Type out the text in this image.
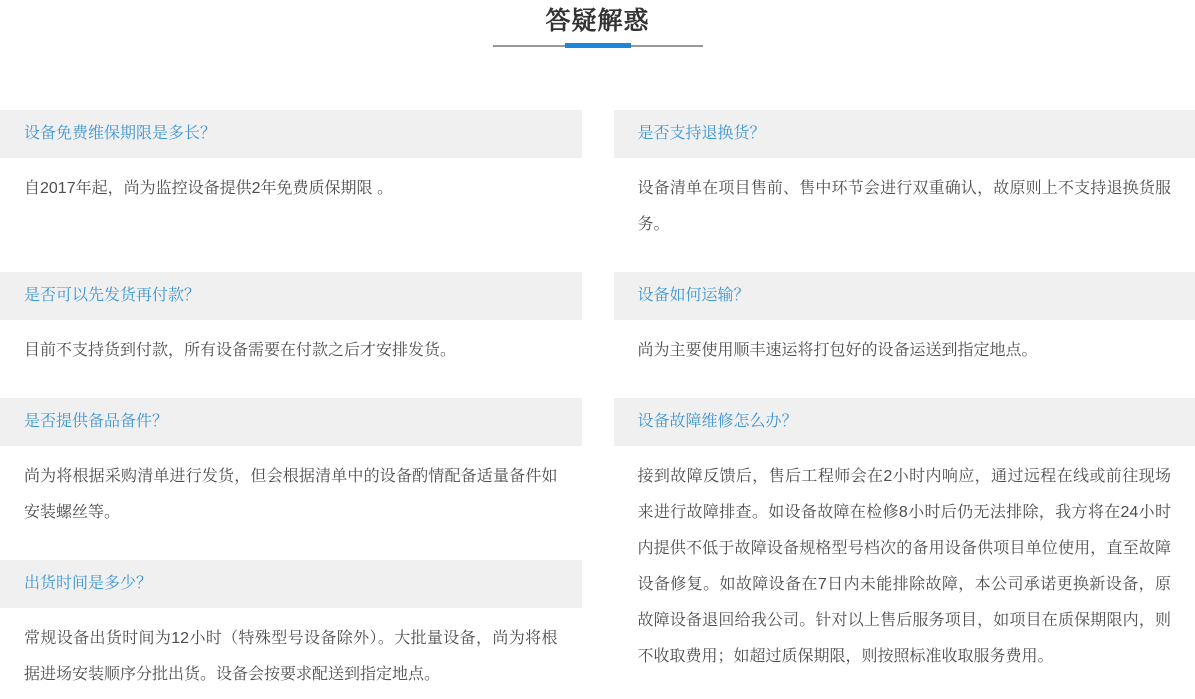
答疑解惑
设备免费维保期限是多长？

自2017年起，尚为监控设备提供2年免费质保期限 。

是否可以先发货再付款？

目前不支持货到付款，所有设备需要在付款之后才安排发货。

是否提供备品备件？

尚为将根据采购清单进行发货，但会根据清单中的设备酌情配备适量备件如安装螺丝等。

出货时间是多少？

常规设备出货时间为12小时（特殊型号设备除外）。大批量设备，尚为将根据进场安装顺序分批出货。设备会按要求配送到指定地点。

是否支持退换货？

设备清单在项目售前、售中环节会进行双重确认，故原则上不支持退换货服务。

设备如何运输？

尚为主要使用顺丰速运将打包好的设备运送到指定地点。

设备故障维修怎么办？

接到故障反馈后，售后工程师会在2小时内响应，通过远程在线或前往现场来进行故障排查。如设备故障在检修8小时后仍无法排除，我方将在24小时内提供不低于故障设备规格型号档次的备用设备供项目单位使用，直至故障设备修复。如故障设备在7日内未能排除故障，本公司承诺更换新设备，原故障设备退回给我公司。针对以上售后服务项目，如项目在质保期限内，则不收取费用；如超过质保期限，则按照标准收取服务费用。
